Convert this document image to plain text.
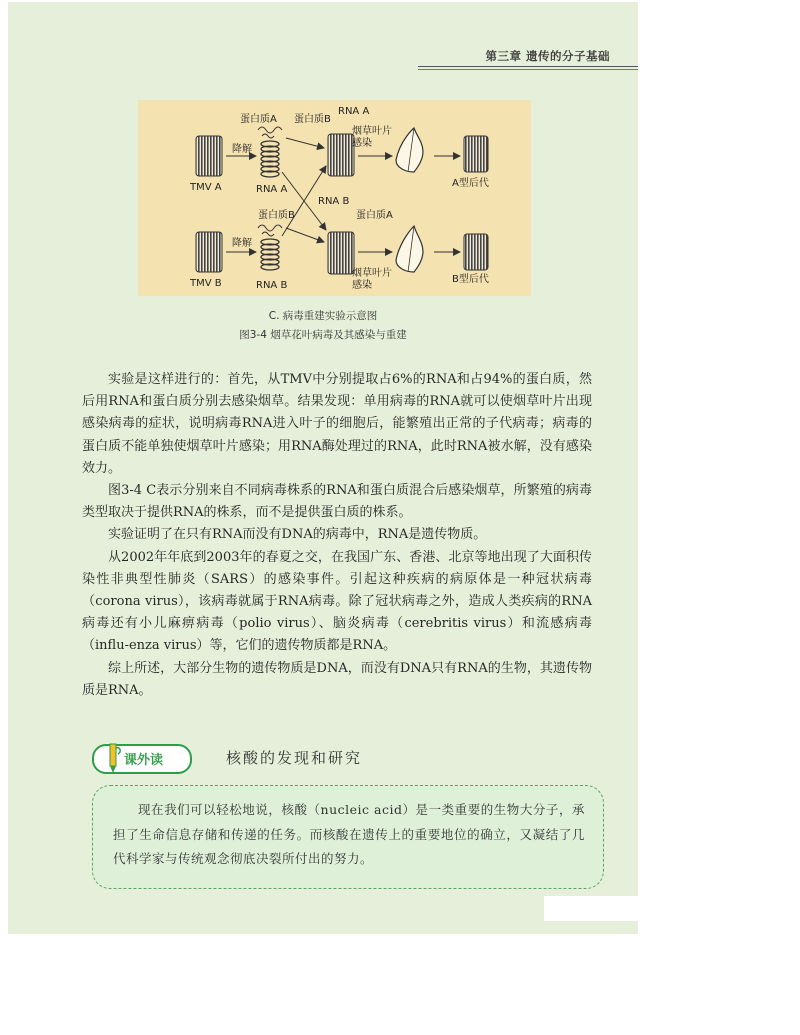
第三章 遗传的分子基础
降解
降解
TMV A
TMV B
蛋白质A 蛋白质B
RNA A
RNA A
RNA B
蛋白质B	蛋白质A
RNA B
A型后代
B型后代
烟草叶片
感染
烟草叶片
感染
C. 病毒重建实验示意图
图3-4 烟草花叶病毒及其感染与重建

实验是这样进行的：首先，从TMV中分别提取占6%的RNA和占94%的蛋白质，然后用RNA和蛋白质分别去感染烟草。结果发现：单用病毒的RNA就可以使烟草叶片出现感染病毒的症状，说明病毒RNA进入叶子的细胞后，能繁殖出正常的子代病毒；病毒的蛋白质不能单独使烟草叶片感染；用RNA酶处理过的RNA，此时RNA被水解，没有感染效力。

图3-4 C表示分别来自不同病毒株系的RNA和蛋白质混合后感染烟草，所繁殖的病毒类型取决于提供RNA的株系，而不是提供蛋白质的株系。

实验证明了在只有RNA而没有DNA的病毒中，RNA是遗传物质。

从2002年年底到2003年的春夏之交，在我国广东、香港、北京等地出现了大面积传染性非典型性肺炎（SARS）的感染事件。引起这种疾病的病原体是一种冠状病毒（corona virus），该病毒就属于RNA病毒。除了冠状病毒之外，造成人类疾病的RNA病毒还有小儿麻痹病毒（polio virus）、脑炎病毒（cerebritis virus）和流感病毒（influ-enza virus）等，它们的遗传物质都是RNA。

综上所述，大部分生物的遗传物质是DNA，而没有DNA只有RNA的生物，其遗传物质是RNA。

课外读	核酸的发现和研究

现在我们可以轻松地说，核酸（nucleic acid）是一类重要的生物大分子，承担了生命信息存储和传递的任务。而核酸在遗传上的重要地位的确立，又凝结了几代科学家与传统观念彻底决裂所付出的努力。
